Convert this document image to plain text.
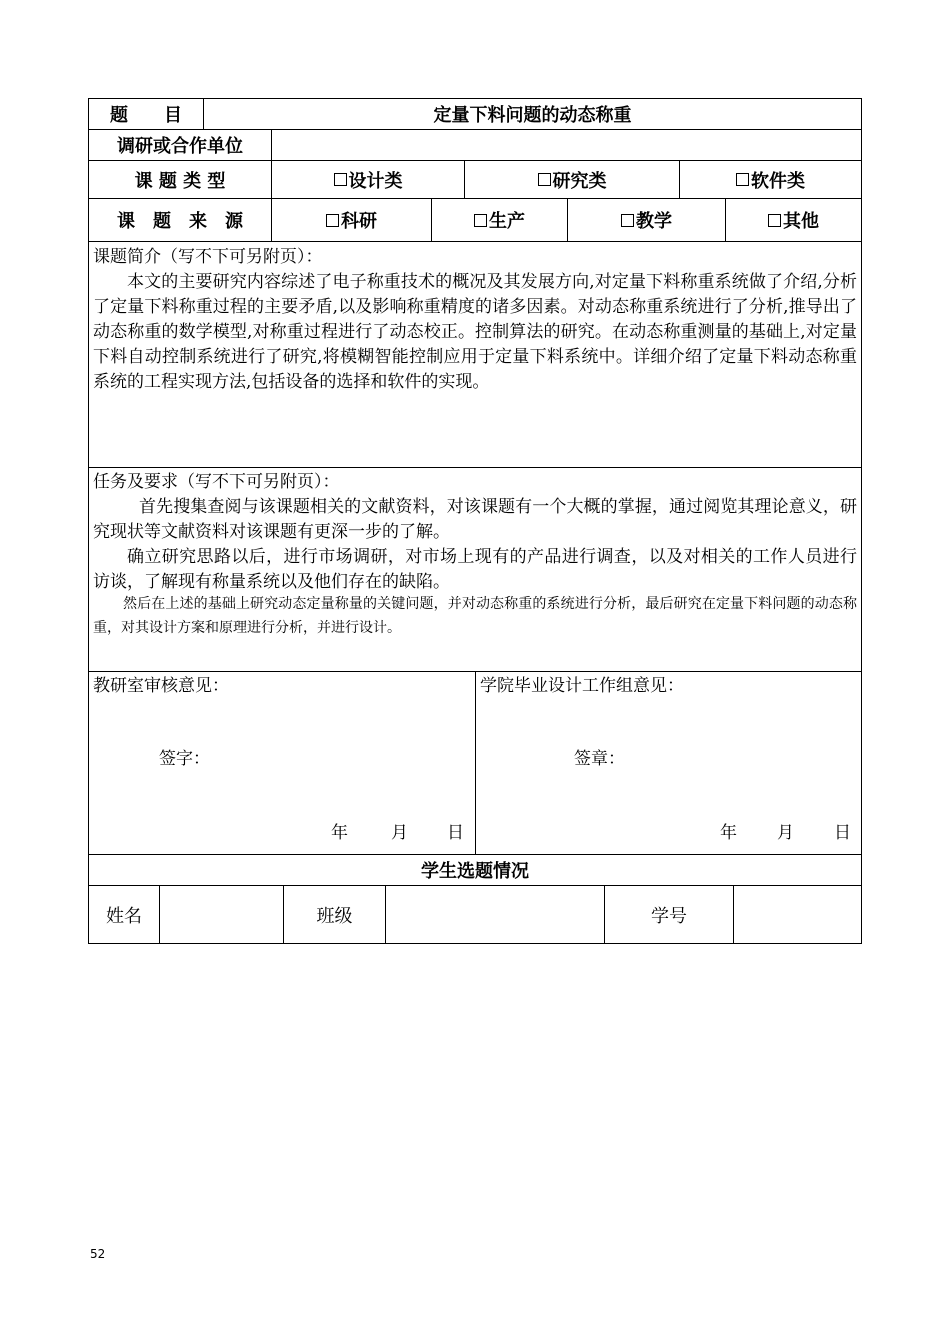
题　　目	定量下料问题的动态称重
调研或合作单位
课 题 类 型	设计类	研究类	软件类
课　题　来　源	科研	生产	教学	其他
课题简介（写不下可另附页）：
本文的主要研究内容综述了电子称重技术的概况及其发展方向,对定量下料称重系统做了介绍,分析了定量下料称重过程的主要矛盾,以及影响称重精度的诸多因素。对动态称重系统进行了分析,推导出了动态称重的数学模型,对称重过程进行了动态校正。控制算法的研究。在动态称重测量的基础上,对定量下料自动控制系统进行了研究,将模糊智能控制应用于定量下料系统中。详细介绍了定量下料动态称重系统的工程实现方法,包括设备的选择和软件的实现。
任务及要求（写不下可另附页）：
首先搜集查阅与该课题相关的文献资料，对该课题有一个大概的掌握，通过阅览其理论意义，研究现状等文献资料对该课题有更深一步的了解。
确立研究思路以后，进行市场调研，对市场上现有的产品进行调查，以及对相关的工作人员进行访谈，了解现有称量系统以及他们存在的缺陷。
然后在上述的基础上研究动态定量称量的关键问题，并对动态称重的系统进行分析，最后研究在定量下料问题的动态称重，对其设计方案和原理进行分析，并进行设计。
教研室审核意见：
签字：
年	月	日
学院毕业设计工作组意见：
签章：
年	月	日
学生选题情况
姓名	班级	学号
52
